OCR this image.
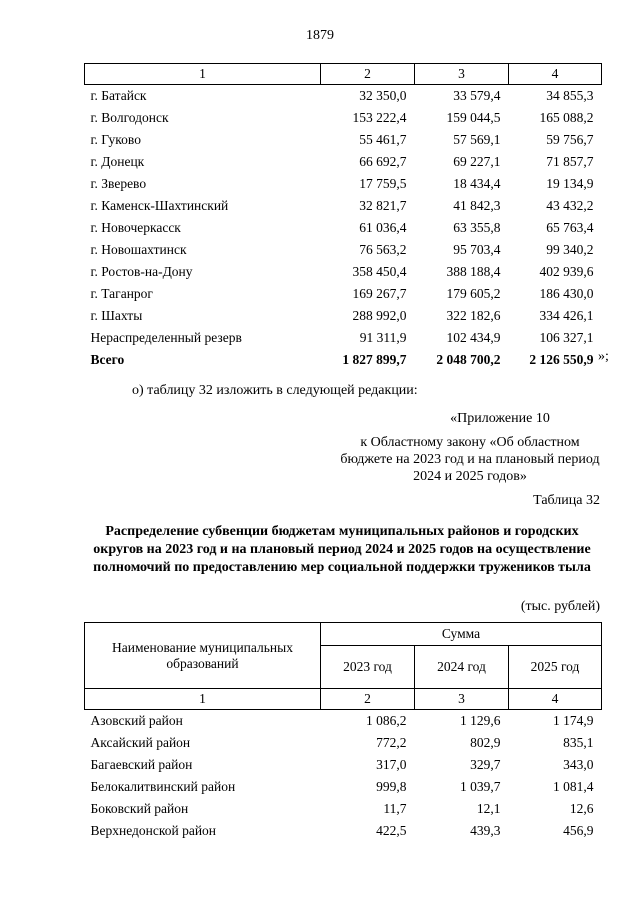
1879
1	2	3	4
г. Батайск	32 350,0	33 579,4	34 855,3
г. Волгодонск	153 222,4	159 044,5	165 088,2
г. Гуково	55 461,7	57 569,1	59 756,7
г. Донецк	66 692,7	69 227,1	71 857,7
г. Зверево	17 759,5	18 434,4	19 134,9
г. Каменск-Шахтинский	32 821,7	41 842,3	43 432,2
г. Новочеркасск	61 036,4	63 355,8	65 763,4
г. Новошахтинск	76 563,2	95 703,4	99 340,2
г. Ростов-на-Дону	358 450,4	388 188,4	402 939,6
г. Таганрог	169 267,7	179 605,2	186 430,0
г. Шахты	288 992,0	322 182,6	334 426,1
Нераспределенный резерв	91 311,9	102 434,9	106 327,1
Всего	1 827 899,7	2 048 700,2	2 126 550,9 »;
о) таблицу 32 изложить в следующей редакции:
«Приложение 10
к Областному закону «Об областном бюджете на 2023 год и на плановый период 2024 и 2025 годов»
Таблица 32
Распределение субвенции бюджетам муниципальных районов и городских округов на 2023 год и на плановый период 2024 и 2025 годов на осуществление полномочий по предоставлению мер социальной поддержки тружеников тыла
(тыс. рублей)
Наименование муниципальных образований	Сумма		
	2023 год	2024 год	2025 год
1	2	3	4
Азовский район	1 086,2	1 129,6	1 174,9
Аксайский район	772,2	802,9	835,1
Багаевский район	317,0	329,7	343,0
Белокалитвинский район	999,8	1 039,7	1 081,4
Боковский район	11,7	12,1	12,6
Верхнедонской район	422,5	439,3	456,9
